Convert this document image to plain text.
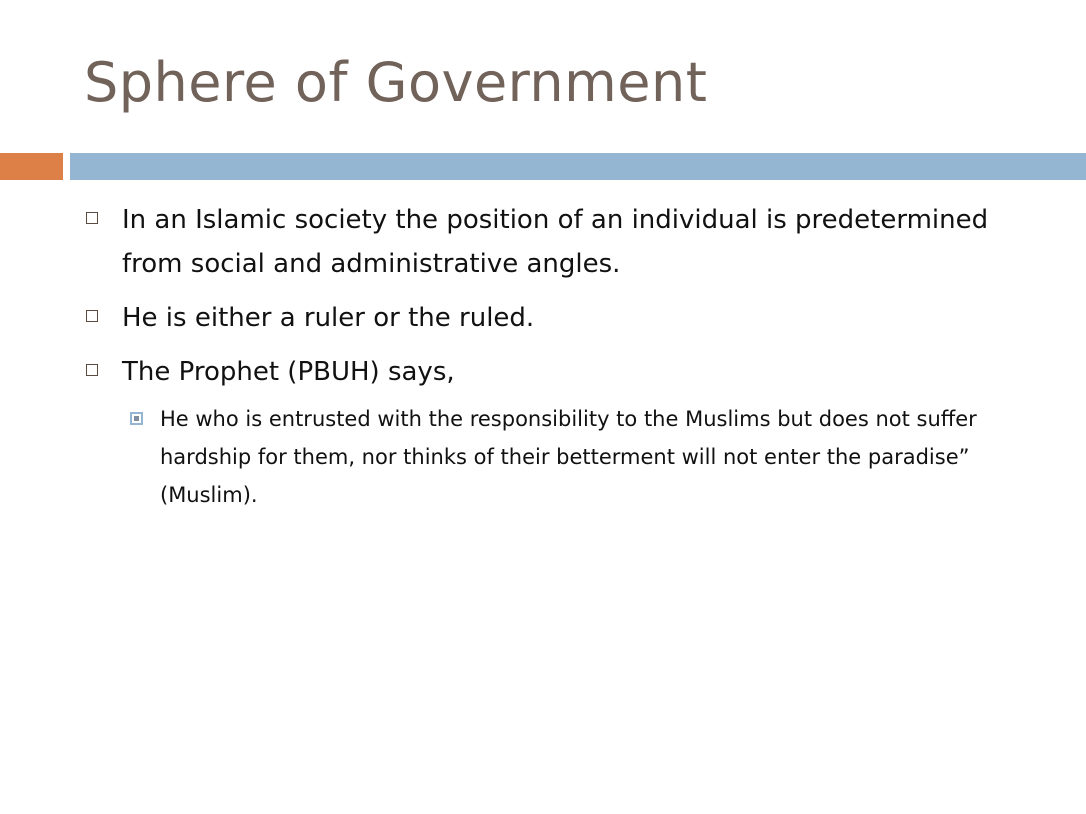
Sphere of Government
In an Islamic society the position of an individual is predetermined from social and administrative angles.
He is either a ruler or the ruled.
The Prophet (PBUH) says,
He who is entrusted with the responsibility to the Muslims but does not suffer hardship for them, nor thinks of their betterment will not enter the paradise” (Muslim).
